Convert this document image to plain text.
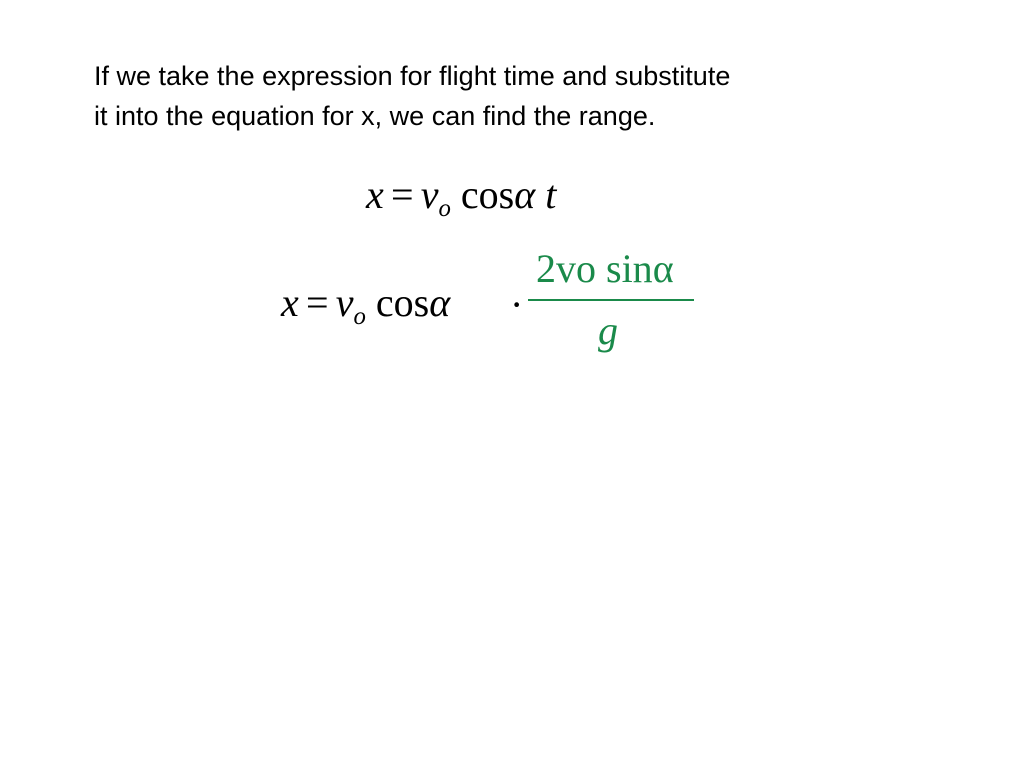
If we take the expression for flight time and substitute
it into the equation for x, we can find the range.
x = vo cosα t
x = vo cosα ·
2vo sinα
g
